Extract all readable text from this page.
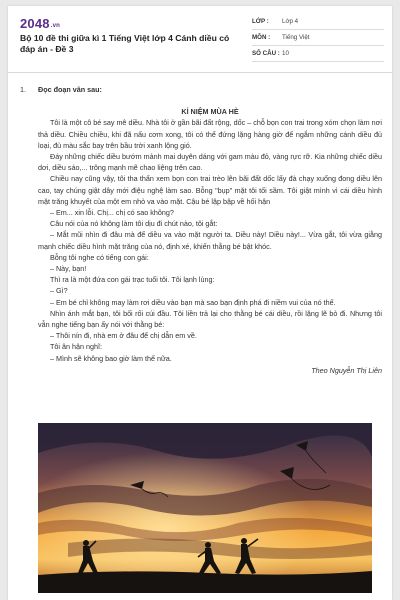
2048.vn
Bộ 10 đề thi giữa kì 1 Tiếng Việt lớp 4 Cánh diều có đáp án - Đề 3
LỚP :	Lớp 4
MÔN :	Tiếng Việt
SỐ CÂU : 10
1. Đọc đoạn văn sau:
KỈ NIỆM MÙA HÈ

Tôi là một cô bé say mê diều. Nhà tôi ở gần bãi đất rộng, dốc – chỗ bọn con trai trong xóm chọn làm nơi thả diều. Chiều chiều, khi đã nấu cơm xong, tôi có thể đứng lặng hàng giờ để ngắm những cánh diều đủ loại, đủ màu sắc bay trên bầu trời xanh lộng gió.

Đáy những chiếc diều bướm mảnh mai duyên dáng với gam màu đỏ, vàng rực rỡ. Kia những chiếc diều dơi, diều sáo,... trông mạnh mẽ chao liệng trên cao.

Chiều nay cũng vậy, tôi tha thẩn xem bọn con trai trèo lên bãi đất dốc lấy đà chạy xuống đong diều lên cao, tay chúng giật dây mới điệu nghệ làm sao. Bỗng "bụp" mặt tôi tối sầm. Tôi giật mình vì cái diều hình mặt trăng khuyết của một em nhỏ va vào mặt. Cậu bé lập bập về hối hận

– Em... xin lỗi. Chị... chị có sao không?

Câu nói của nó không làm tôi dịu đi chút nào, tôi gắt:

– Mắt mũi nhìn đi đâu mà để diều va vào mặt người ta. Diều này! Diều này!... Vừa gắt, tôi vừa giằng mạnh chiếc diều hình mặt trăng của nó, định xé, khiến thằng bé bật khóc.

Bỗng tôi nghe có tiếng con gái:

– Này, bạn!

Thì ra là một đứa con gái trạc tuổi tôi. Tôi lạnh lùng:

– Gì?

– Em bé chỉ không may làm rơi diều vào bạn mà sao bạn định phá đi niềm vui của nó thế.

Nhìn ánh mắt bạn, tôi bối rối cúi đầu. Tôi liền trả lại cho thằng bé cái diều, rồi lặng lẽ bỏ đi. Nhưng tôi vẫn nghe tiếng bạn ấy nói với thằng bé:

– Thôi nín đi, nhà em ở đâu để chị dẫn em về.

Tôi ân hận nghĩ:

– Mình sẽ không bao giờ làm thế nữa.

Theo Nguyễn Thị Liên
